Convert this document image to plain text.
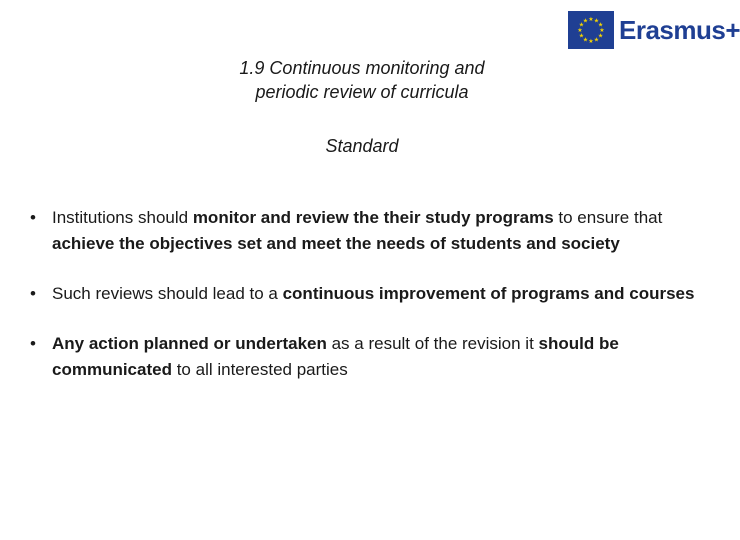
★ ★
★
★
★
★
★
★
★
★
★
★ Erasmus+
1.9 Continuous monitoring and
periodic review of curricula
Standard
• Institutions should monitor and review the their study programs to ensure that achieve the objectives set and meet the needs of students and society
• Such reviews should lead to a continuous improvement of programs and courses
• Any action planned or undertaken as a result of the revision it should be communicated to all interested parties
